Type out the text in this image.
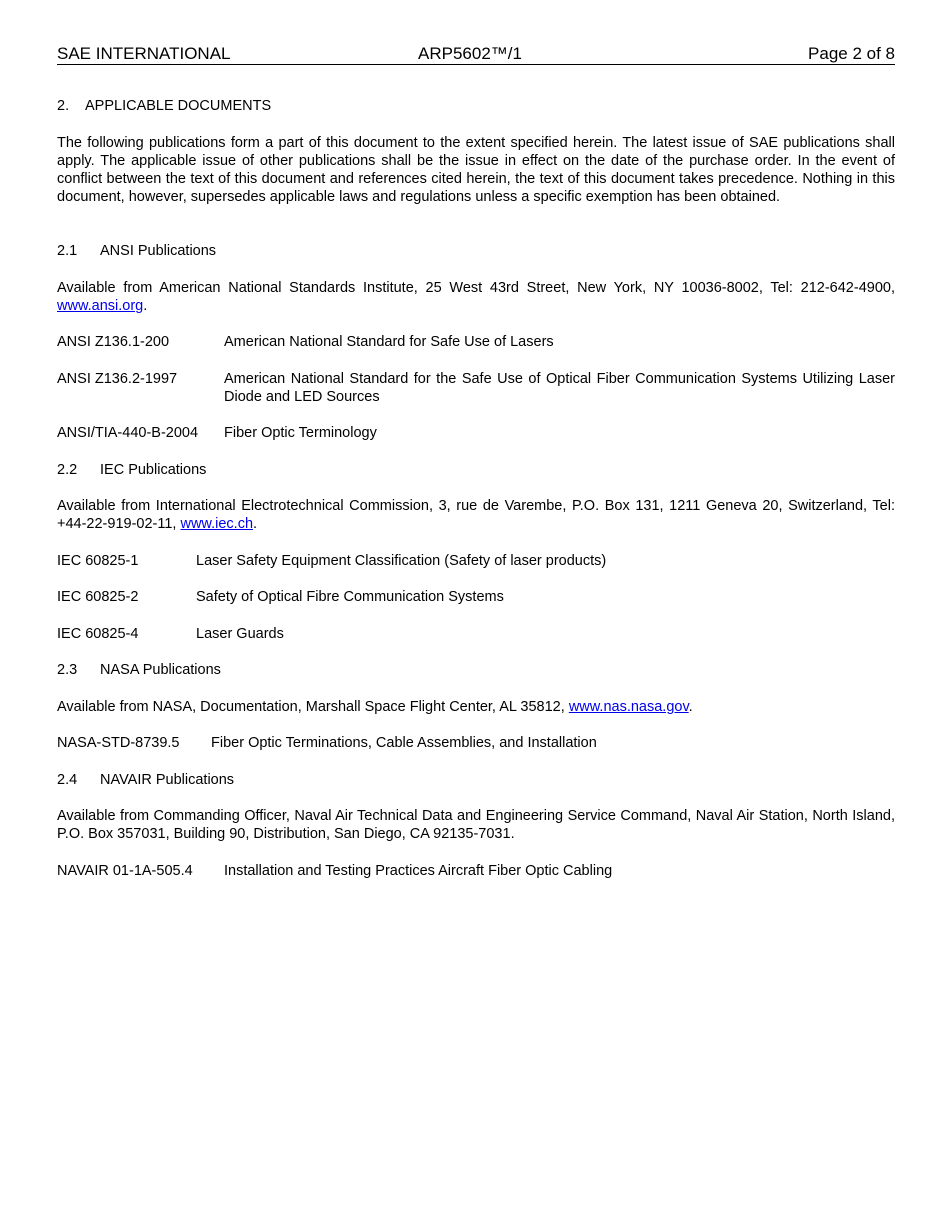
SAE INTERNATIONAL	ARP5602™/1	Page 2 of 8
2. APPLICABLE DOCUMENTS
The following publications form a part of this document to the extent specified herein. The latest issue of SAE publications shall apply. The applicable issue of other publications shall be the issue in effect on the date of the purchase order. In the event of conflict between the text of this document and references cited herein, the text of this document takes precedence. Nothing in this document, however, supersedes applicable laws and regulations unless a specific exemption has been obtained.
2.1 ANSI Publications
Available from American National Standards Institute, 25 West 43rd Street, New York, NY 10036-8002, Tel: 212-642-4900, www.ansi.org.
ANSI Z136.1-200	American National Standard for Safe Use of Lasers
ANSI Z136.2-1997	American National Standard for the Safe Use of Optical Fiber Communication Systems Utilizing Laser Diode and LED Sources
ANSI/TIA-440-B-2004 Fiber Optic Terminology
2.2 IEC Publications
Available from International Electrotechnical Commission, 3, rue de Varembe, P.O. Box 131, 1211 Geneva 20, Switzerland, Tel: +44-22-919-02-11, www.iec.ch.
IEC 60825-1	Laser Safety Equipment Classification (Safety of laser products)
IEC 60825-2	Safety of Optical Fibre Communication Systems
IEC 60825-4	Laser Guards
2.3 NASA Publications
Available from NASA, Documentation, Marshall Space Flight Center, AL 35812, www.nas.nasa.gov.
NASA-STD-8739.5 Fiber Optic Terminations, Cable Assemblies, and Installation
2.4 NAVAIR Publications
Available from Commanding Officer, Naval Air Technical Data and Engineering Service Command, Naval Air Station, North Island, P.O. Box 357031, Building 90, Distribution, San Diego, CA 92135-7031.
NAVAIR 01-1A-505.4 Installation and Testing Practices Aircraft Fiber Optic Cabling
